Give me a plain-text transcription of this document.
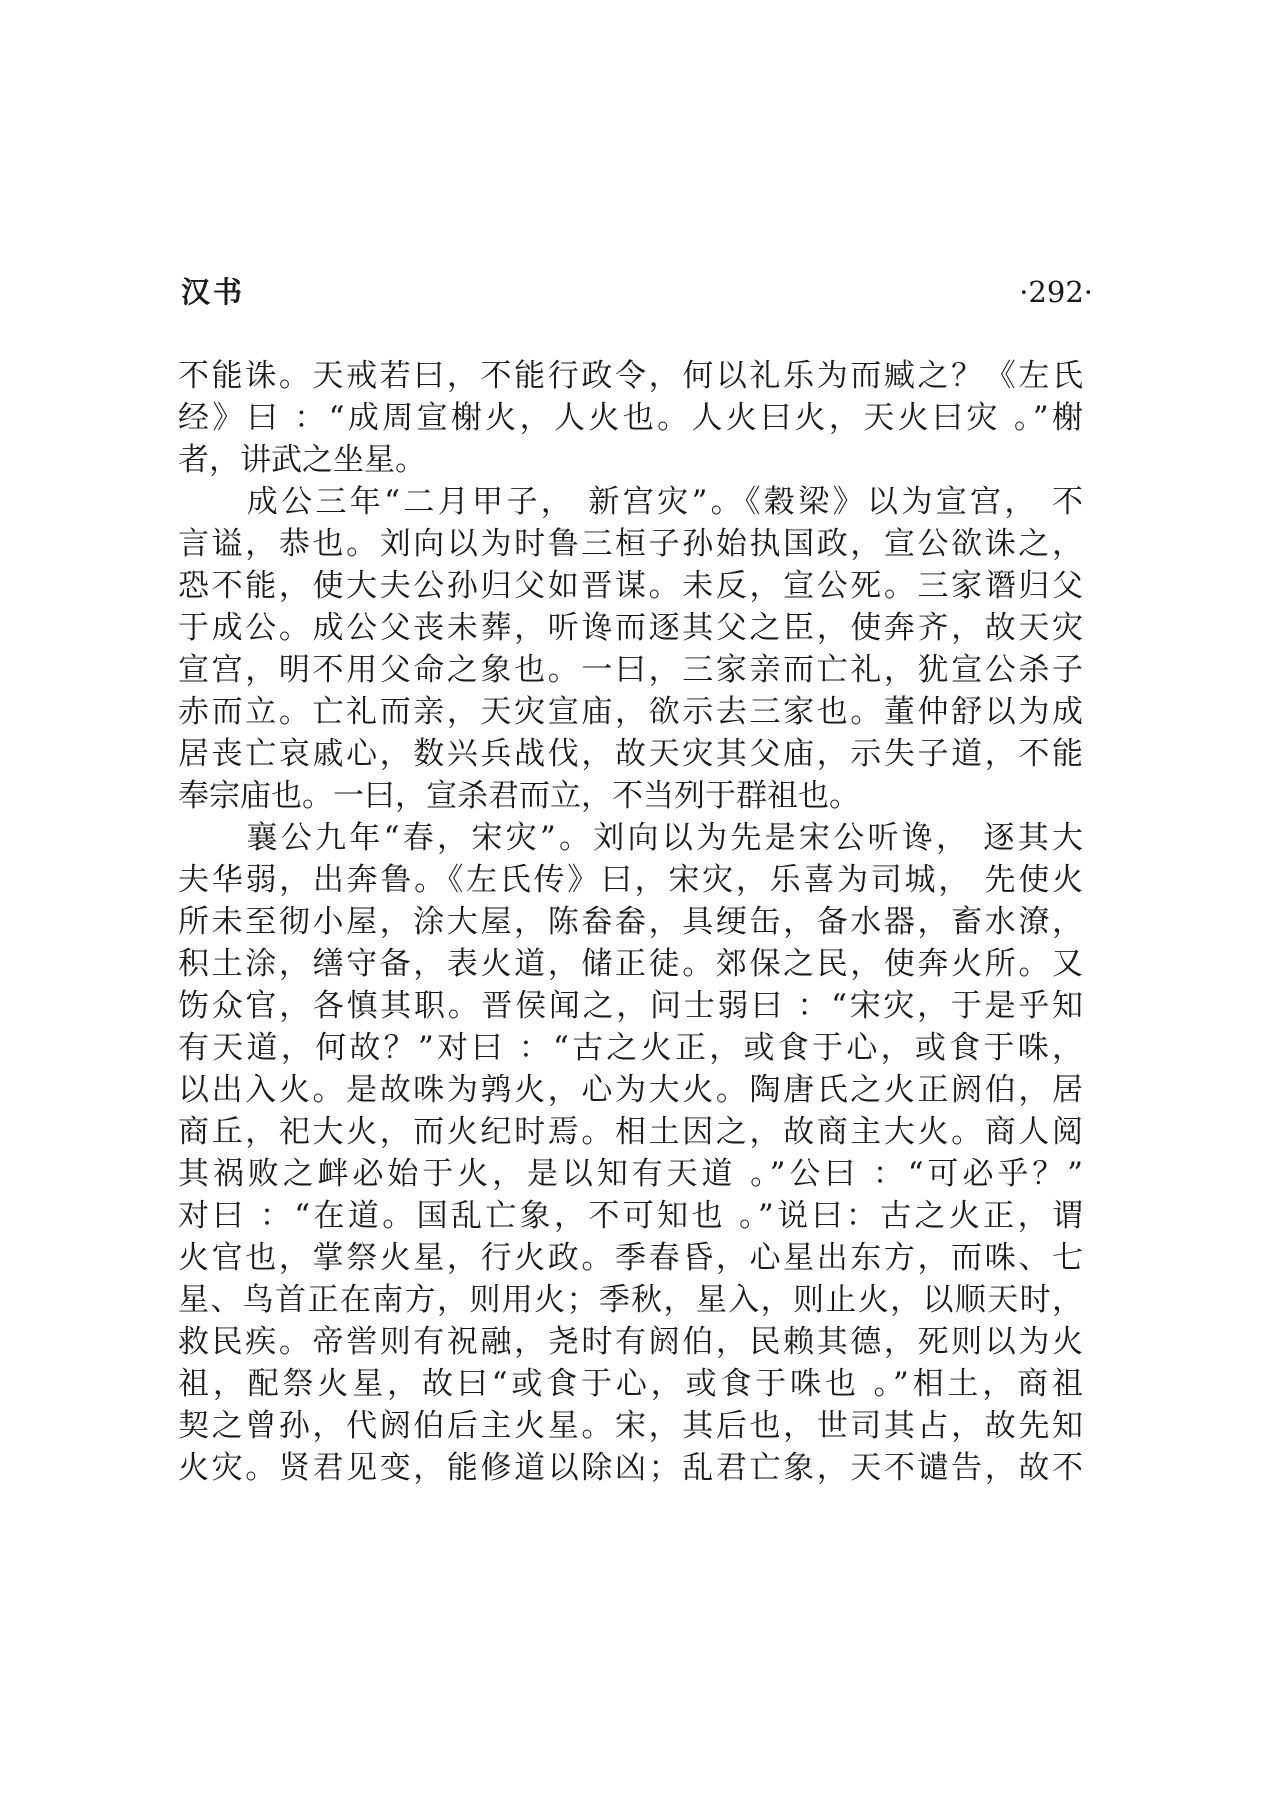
汉书	·292·
不能诛。天戒若曰，不能行政令，何以礼乐为而臧之？《左氏
经》曰 ：“成周宣榭火，人火也。人火曰火，天火曰灾 。”榭
者，讲武之坐星。
　　成公三年“二月甲子， 新宫灾”。《穀梁》以为宣宫， 不
言谥，恭也。刘向以为时鲁三桓子孙始执国政，宣公欲诛之，
恐不能，使大夫公孙归父如晋谋。未反，宣公死。三家谮归父
于成公。成公父丧未葬，听谗而逐其父之臣，使奔齐，故天灾
宣宫，明不用父命之象也。一曰，三家亲而亡礼，犹宣公杀子
赤而立。亡礼而亲，天灾宣庙，欲示去三家也。董仲舒以为成
居丧亡哀戚心，数兴兵战伐，故天灾其父庙，示失子道，不能
奉宗庙也。一曰，宣杀君而立，不当列于群祖也。
　　襄公九年“春，宋灾”。刘向以为先是宋公听谗， 逐其大
夫华弱，出奔鲁。《左氏传》曰，宋灾，乐喜为司城， 先使火
所未至彻小屋，涂大屋，陈畚畚，具绠缶，备水器，畜水潦，
积土涂，缮守备，表火道，储正徒。郊保之民，使奔火所。又
饬众官，各慎其职。晋侯闻之，问士弱曰 ：“宋灾，于是乎知
有天道，何故？”对曰 ：“古之火正，或食于心，或食于咮，
以出入火。是故咮为鹑火，心为大火。陶唐氏之火正阏伯，居
商丘，祀大火，而火纪时焉。相土因之，故商主大火。商人阅
其祸败之衅必始于火，是以知有天道 。”公曰 ：“可必乎？”
对曰 ：“在道。国乱亡象，不可知也 。”说曰：古之火正，谓
火官也，掌祭火星，行火政。季春昏，心星出东方，而咮、七
星、鸟首正在南方，则用火；季秋，星入，则止火，以顺天时，
救民疾。帝喾则有祝融，尧时有阏伯，民赖其德，死则以为火
祖，配祭火星，故曰“或食于心，或食于咮也 。”相土，商祖
契之曾孙，代阏伯后主火星。宋，其后也，世司其占，故先知
火灾。贤君见变，能修道以除凶；乱君亡象，天不谴告，故不
